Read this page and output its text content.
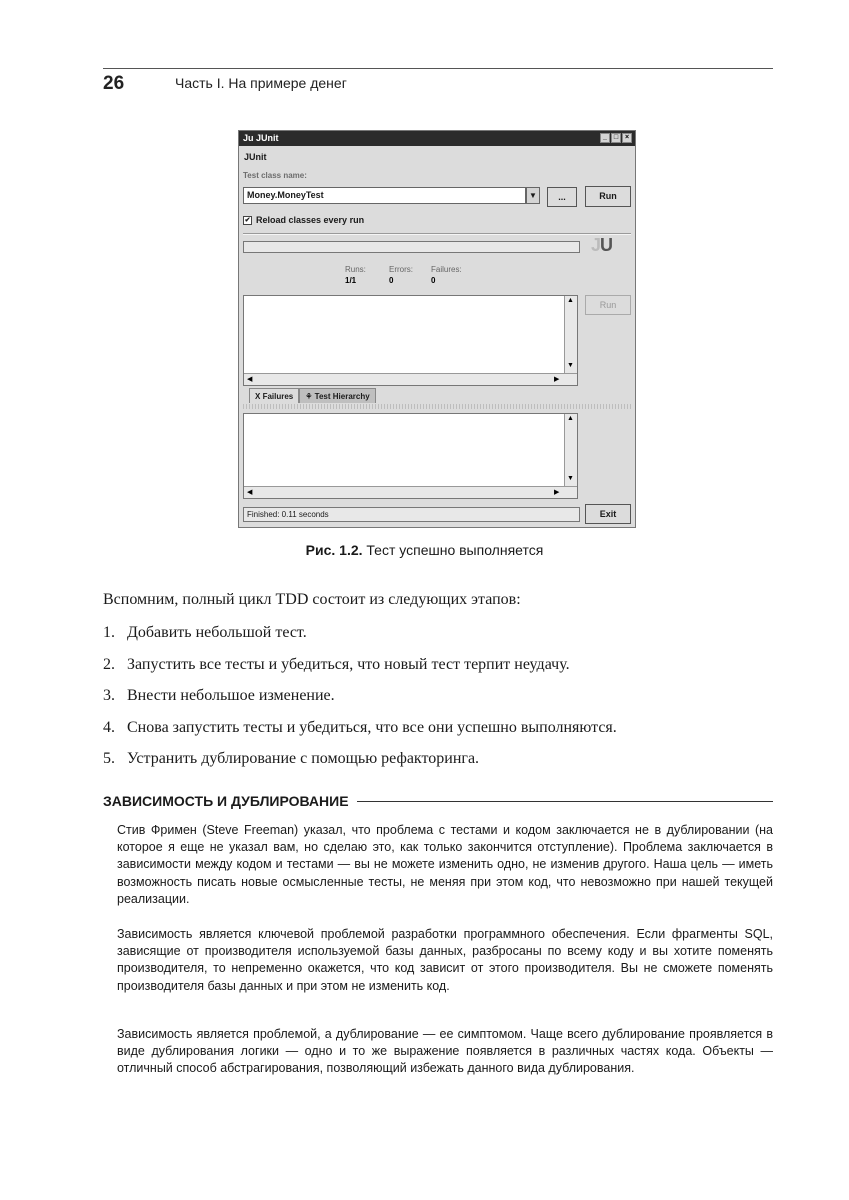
26	Часть I. На примере денег
Ju JUnit	_ □ ×
JUnit
Test class name:
Money.MoneyTest	▼	...	Run
✔ Reload classes every run
JU
Runs:
1/1
Errors:
0
Failures:
0
▲
▼
◀	▶
Run
X Failures	⚘ Test Hierarchy
▲
▼
◀	▶
Finished: 0.11 seconds	Exit
Рис. 1.2. Тест успешно выполняется
Вспомним, полный цикл TDD состоит из следующих этапов:
1. Добавить небольшой тест.
2. Запустить все тесты и убедиться, что новый тест терпит неудачу.
3. Внести небольшое изменение.
4. Снова запустить тесты и убедиться, что все они успешно выполняются.
5. Устранить дублирование с помощью рефакторинга.
ЗАВИСИМОСТЬ И ДУБЛИРОВАНИЕ
Стив Фримен (Steve Freeman) указал, что проблема с тестами и кодом заключается не в дублировании (на которое я еще не указал вам, но сделаю это, как только закончится отступление). Проблема заключается в зависимости между кодом и тестами — вы не можете изменить одно, не изменив другого. Наша цель — иметь возможность писать новые осмысленные тесты, не меняя при этом код, что невозможно при нашей текущей реализации.
Зависимость является ключевой проблемой разработки программного обеспечения. Если фрагменты SQL, зависящие от производителя используемой базы данных, разбросаны по всему коду и вы хотите поменять производителя, то непременно окажется, что код зависит от этого производителя. Вы не сможете поменять производителя базы данных и при этом не изменить код.
Зависимость является проблемой, а дублирование — ее симптомом. Чаще всего дублирование проявляется в виде дублирования логики — одно и то же выражение появляется в различных частях кода. Объекты — отличный способ абстрагирования, позволяющий избежать данного вида дублирования.
